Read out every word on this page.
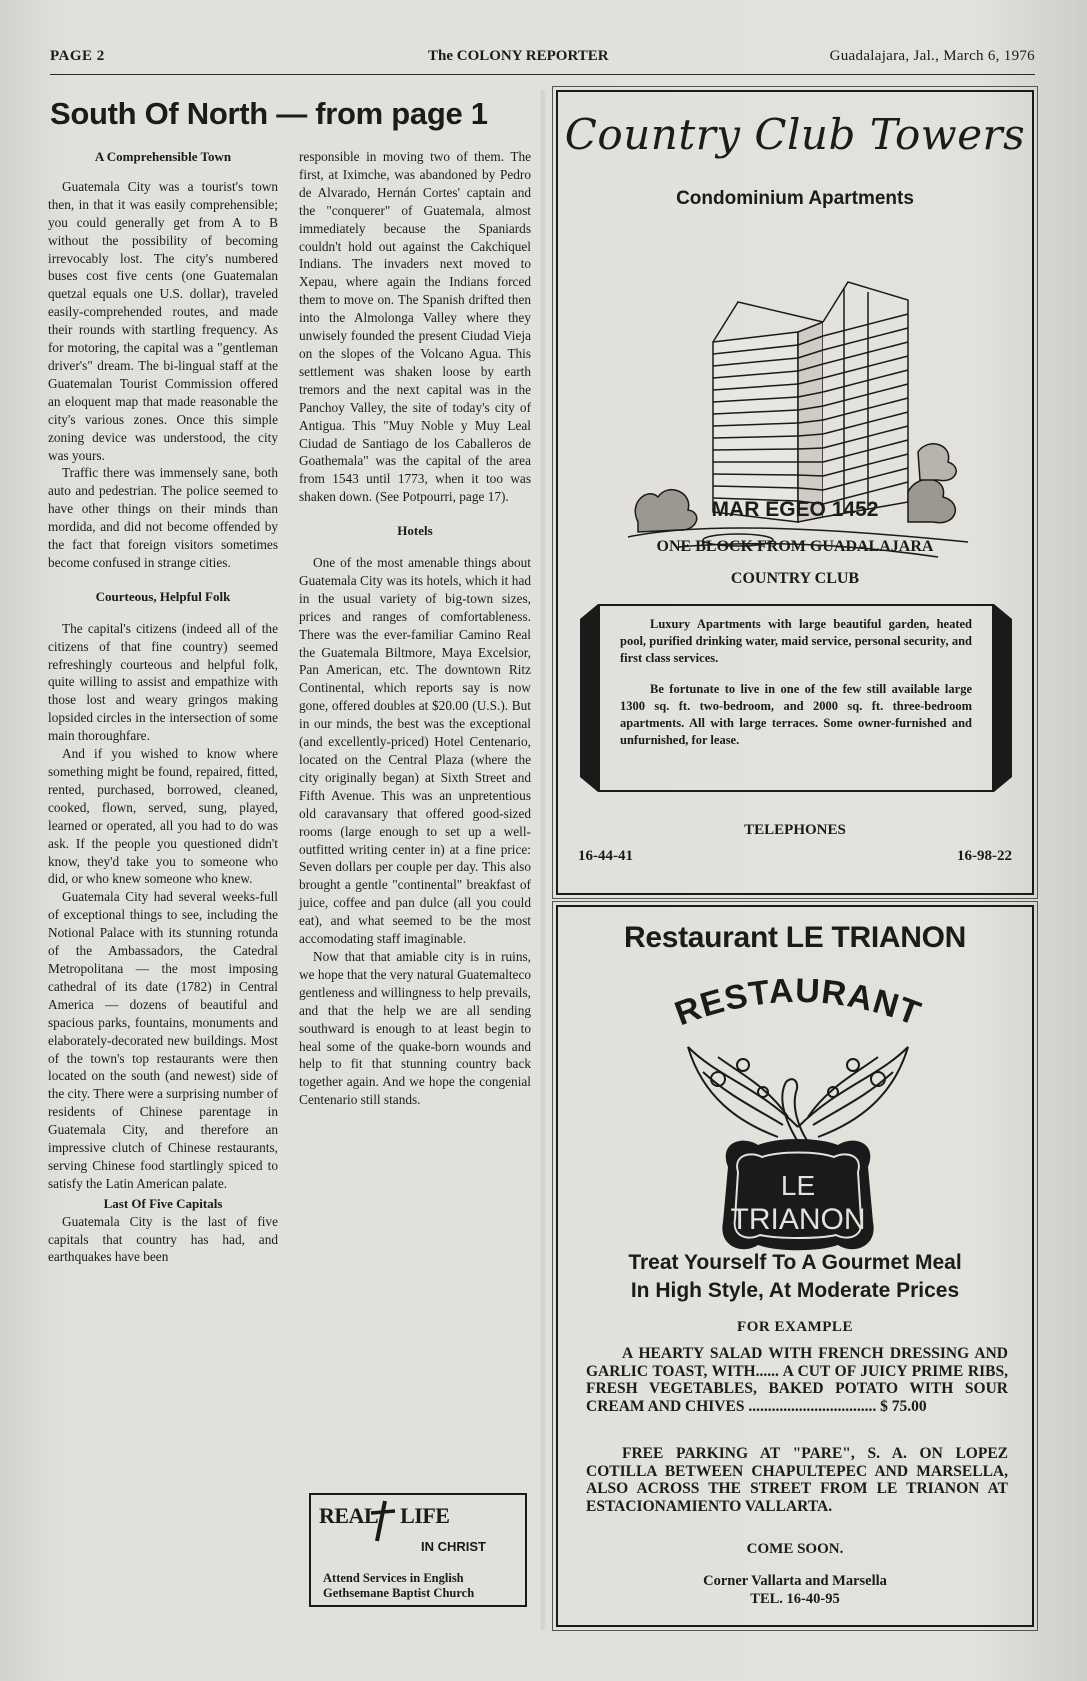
PAGE 2	The COLONY REPORTER	Guadalajara, Jal., March 6, 1976
South Of North — from page 1

A Comprehensible Town

Guatemala City was a tourist's town then, in that it was easily comprehensible; you could generally get from A to B without the possibility of becoming irrevocably lost. The city's numbered buses cost five cents (one Guatemalan quetzal equals one U.S. dollar), traveled easily-comprehended routes, and made their rounds with startling frequency. As for motoring, the capital was a "gentleman driver's" dream. The bi-lingual staff at the Guatemalan Tourist Commission offered an eloquent map that made reasonable the city's various zones. Once this simple zoning device was understood, the city was yours.

Traffic there was immensely sane, both auto and pedestrian. The police seemed to have other things on their minds than mordida, and did not become offended by the fact that foreign visitors sometimes become confused in strange cities.

Courteous, Helpful Folk

The capital's citizens (indeed all of the citizens of that fine country) seemed refreshingly courteous and helpful folk, quite willing to assist and empathize with those lost and weary gringos making lopsided circles in the intersection of some main thoroughfare.

And if you wished to know where something might be found, repaired, fitted, rented, purchased, borrowed, cleaned, cooked, flown, served, sung, played, learned or operated, all you had to do was ask. If the people you questioned didn't know, they'd take you to someone who did, or who knew someone who knew.

Guatemala City had several weeks-full of exceptional things to see, including the Notional Palace with its stunning rotunda of the Ambassadors, the Catedral Metropolitana — the most imposing cathedral of its date (1782) in Central America — dozens of beautiful and spacious parks, fountains, monuments and elaborately-decorated new buildings. Most of the town's top restaurants were then located on the south (and newest) side of the city. There were a surprising number of residents of Chinese parentage in Guatemala City, and therefore an impressive clutch of Chinese restaurants, serving Chinese food startlingly spiced to satisfy the Latin American palate.

Last Of Five Capitals

Guatemala City is the last of five capitals that country has had, and earthquakes have been

responsible in moving two of them. The first, at Iximche, was abandoned by Pedro de Alvarado, Hernán Cortes' captain and the "conquerer" of Guatemala, almost immediately because the Spaniards couldn't hold out against the Cakchiquel Indians. The invaders next moved to Xepau, where again the Indians forced them to move on. The Spanish drifted then into the Almolonga Valley where they unwisely founded the present Ciudad Vieja on the slopes of the Volcano Agua. This settlement was shaken loose by earth tremors and the next capital was in the Panchoy Valley, the site of today's city of Antigua. This "Muy Noble y Muy Leal Ciudad de Santiago de los Caballeros de Goathemala" was the capital of the area from 1543 until 1773, when it too was shaken down. (See Potpourri, page 17).

Hotels

One of the most amenable things about Guatemala City was its hotels, which it had in the usual variety of big-town sizes, prices and ranges of comfortableness. There was the ever-familiar Camino Real the Guatemala Biltmore, Maya Excelsior, Pan American, etc. The downtown Ritz Continental, which reports say is now gone, offered doubles at $20.00 (U.S.). But in our minds, the best was the exceptional (and excellently-priced) Hotel Centenario, located on the Central Plaza (where the city originally began) at Sixth Street and Fifth Avenue. This was an unpretentious old caravansary that offered good-sized rooms (large enough to set up a well-outfitted writing center in) at a fine price: Seven dollars per couple per day. This also brought a gentle "continental" breakfast of juice, coffee and pan dulce (all you could eat), and what seemed to be the most accomodating staff imaginable.

Now that that amiable city is in ruins, we hope that the very natural Guatemalteco gentleness and willingness to help prevails, and that the help we are all sending southward is enough to at least begin to heal some of the quake-born wounds and help to fit that stunning country back together again. And we hope the congenial Centenario still stands.

REAL LIFE
IN CHRIST
Attend Services in English Gethsemane Baptist Church
Country Club Towers
Condominium Apartments
MAR EGEO 1452
ONE BLOCK FROM GUADALAJARA
COUNTRY CLUB

Luxury Apartments with large beautiful garden, heated pool, purified drinking water, maid service, personal security, and first class services.

Be fortunate to live in one of the few still available large 1300 sq. ft. two-bedroom, and 2000 sq. ft. three-bedroom apartments. All with large terraces. Some owner-furnished and unfurnished, for lease.

TELEPHONES
16-44-41	16-98-22
Restaurant LE TRIANON
RESTAURANT
LE
TRIANON
Treat Yourself To A Gourmet Meal
In High Style, At Moderate Prices
FOR EXAMPLE
A HEARTY SALAD WITH FRENCH DRESSING AND GARLIC TOAST, WITH...... A CUT OF JUICY PRIME RIBS, FRESH VEGETABLES, BAKED POTATO WITH SOUR CREAM AND CHIVES ................................. $ 75.00
FREE PARKING AT "PARE", S. A. ON LOPEZ COTILLA BETWEEN CHAPULTEPEC AND MARSELLA, ALSO ACROSS THE STREET FROM LE TRIANON AT ESTACIONAMIENTO VALLARTA.
COME SOON.
Corner Vallarta and Marsella
TEL. 16-40-95
